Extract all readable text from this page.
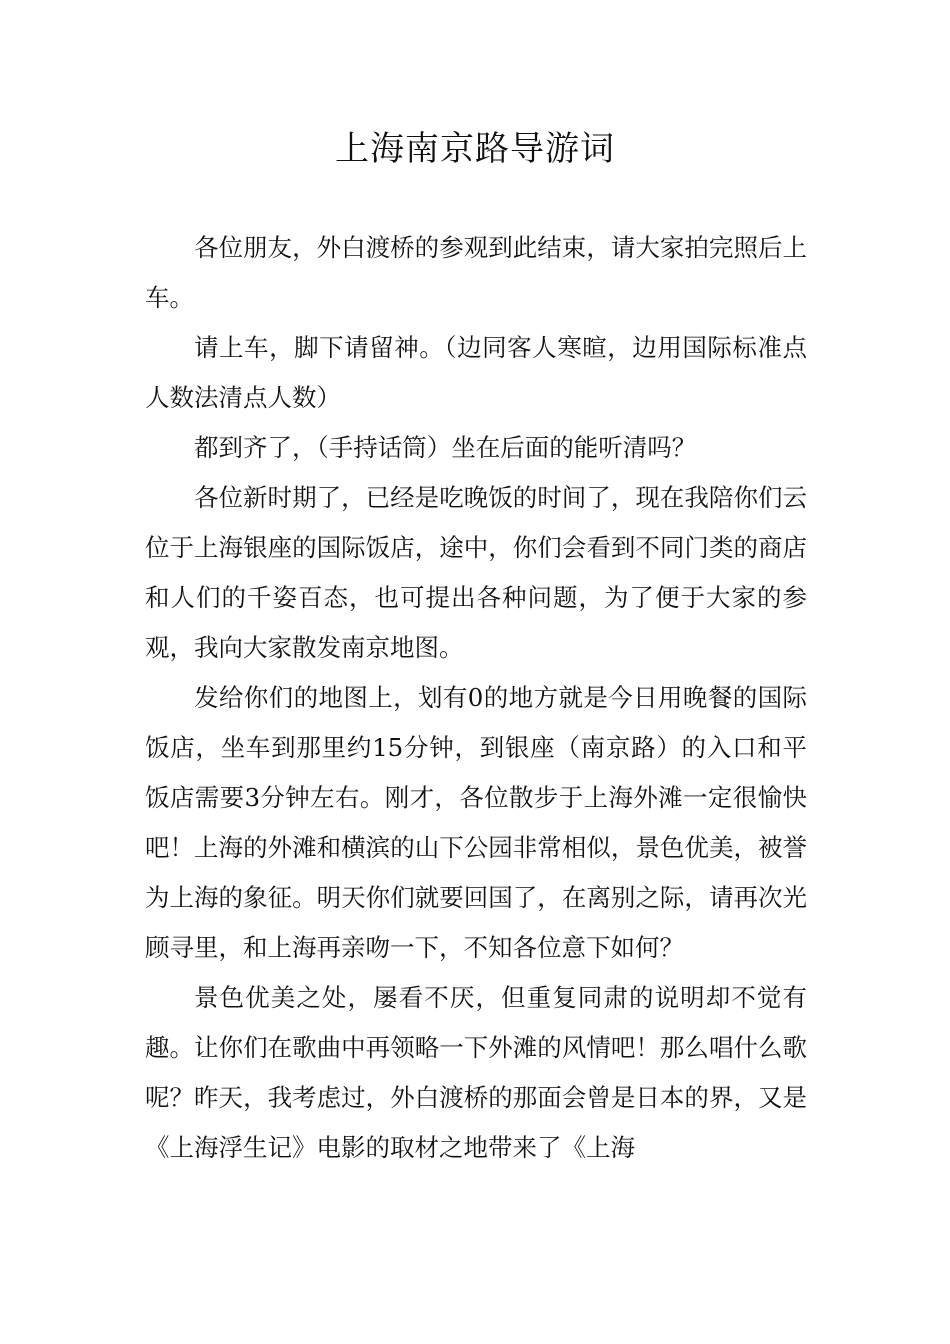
上海南京路导游词

各位朋友，外白渡桥的参观到此结束，请大家拍完照后上车。

请上车，脚下请留神。（边同客人寒暄，边用国际标准点人数法清点人数）

都到齐了，（手持话筒）坐在后面的能听清吗？

各位新时期了，已经是吃晚饭的时间了，现在我陪你们云位于上海银座的国际饭店，途中，你们会看到不同门类的商店和人们的千姿百态，也可提出各种问题，为了便于大家的参观，我向大家散发南京地图。

发给你们的地图上，划有0的地方就是今日用晚餐的国际饭店，坐车到那里约15分钟，到银座（南京路）的入口和平饭店需要3分钟左右。刚才，各位散步于上海外滩一定很愉快吧！上海的外滩和横滨的山下公园非常相似，景色优美，被誉为上海的象征。明天你们就要回国了，在离别之际，请再次光顾寻里，和上海再亲吻一下，不知各位意下如何？

景色优美之处，屡看不厌，但重复同肃的说明却不觉有趣。让你们在歌曲中再领略一下外滩的风情吧！那么唱什么歌呢？昨天，我考虑过，外白渡桥的那面会曾是日本的界，又是《上海浮生记》电影的取材之地带来了《上海
